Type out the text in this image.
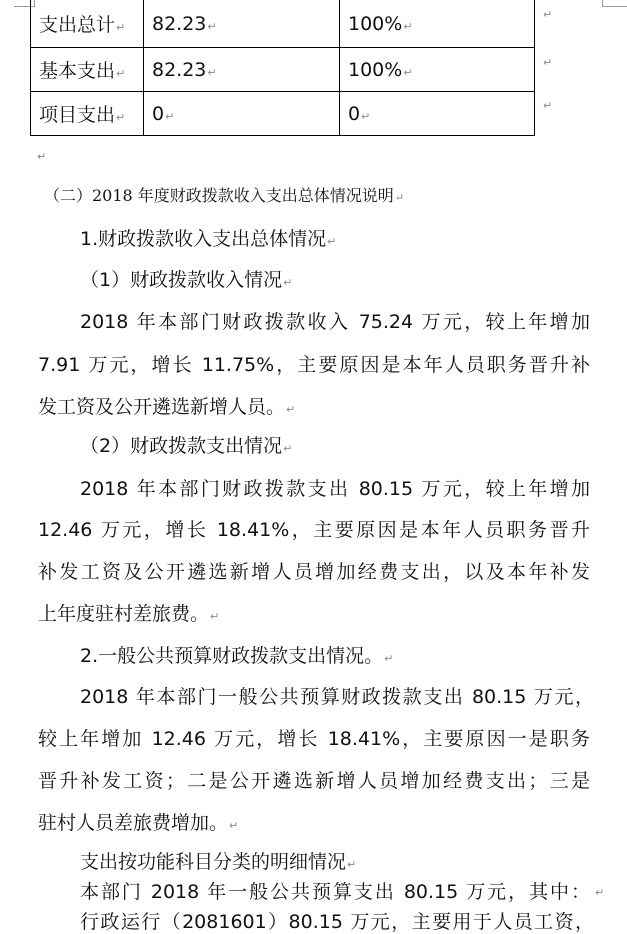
支出总计↵	82.23↵	100%↵
基本支出↵	82.23↵	100%↵
项目支出↵	0↵	0↵
↵
↵
↵
↵
（二）2018 年度财政拨款收入支出总体情况说明↵
1.财政拨款收入支出总体情况↵
（1）财政拨款收入情况↵
2018 年本部门财政拨款收入 75.24 万元，较上年增加
7.91 万元，增长 11.75%，主要原因是本年人员职务晋升补
发工资及公开遴选新增人员。↵
（2）财政拨款支出情况↵
2018 年本部门财政拨款支出 80.15 万元，较上年增加
12.46 万元，增长 18.41%，主要原因是本年人员职务晋升
补发工资及公开遴选新增人员增加经费支出，以及本年补发
上年度驻村差旅费。↵
2.一般公共预算财政拨款支出情况。↵
2018 年本部门一般公共预算财政拨款支出 80.15 万元，
较上年增加 12.46 万元，增长 18.41%，主要原因一是职务
晋升补发工资；二是公开遴选新增人员增加经费支出；三是
驻村人员差旅费增加。↵
支出按功能科目分类的明细情况↵
本部门 2018 年一般公共预算支出 80.15 万元，其中： ↵
行政运行（2081601）80.15 万元，主要用于人员工资，
